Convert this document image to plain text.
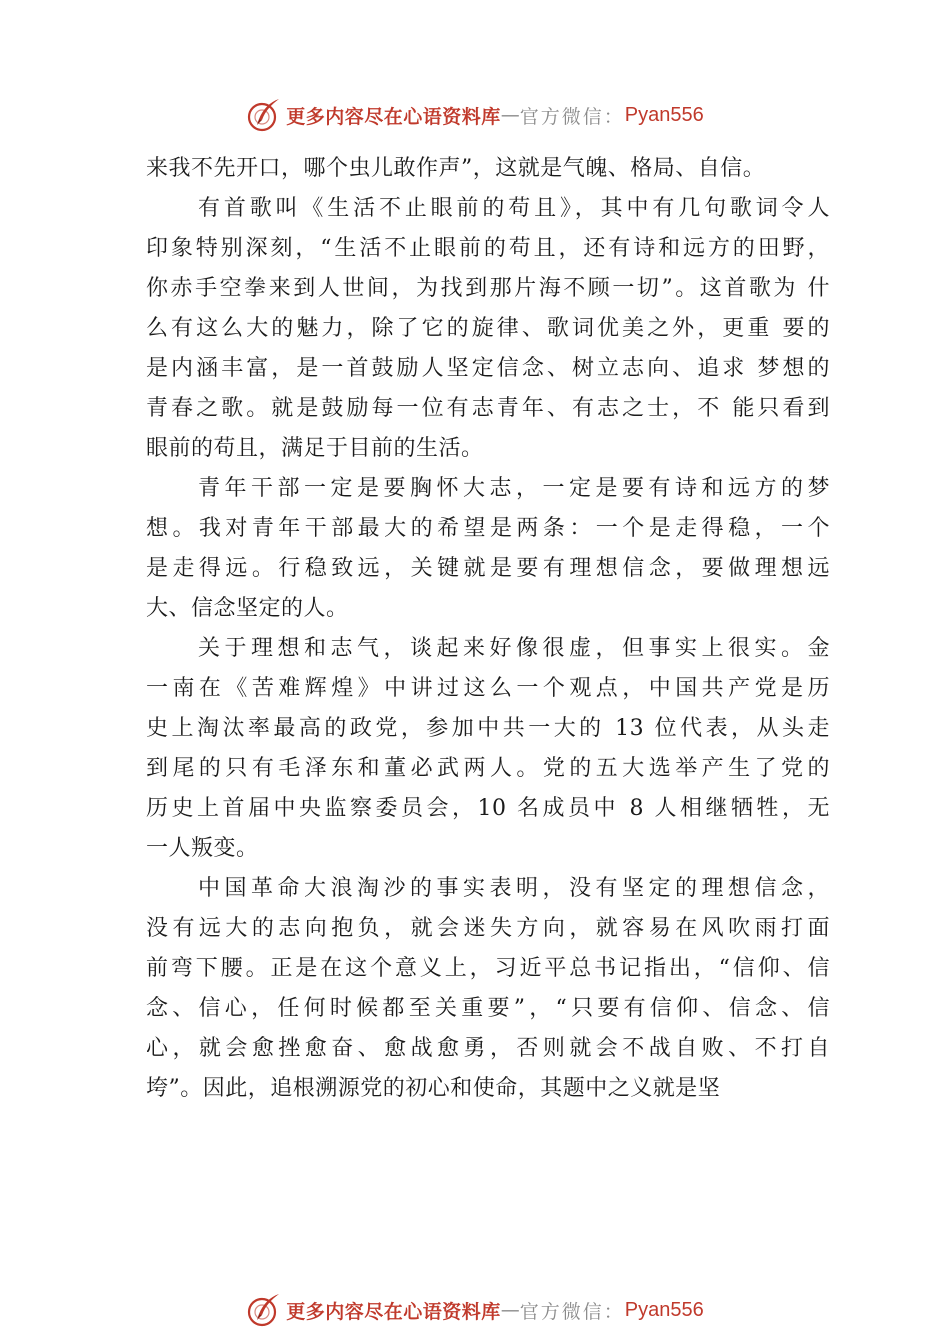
更多内容尽在心语资料库 — 官方微信： Pyan556
来我不先开口，哪个虫儿敢作声”，这就是气魄、格局、自信。
有首歌叫《生活不止眼前的苟且》，其中有几句歌词令人
印象特别深刻，“生活不止眼前的苟且，还有诗和远方的田野，
你赤手空拳来到人世间，为找到那片海不顾一切”。这首歌为 什
么有这么大的魅力，除了它的旋律、歌词优美之外，更重 要的
是内涵丰富，是一首鼓励人坚定信念、树立志向、追求 梦想的
青春之歌。就是鼓励每一位有志青年、有志之士，不 能只看到
眼前的苟且，满足于目前的生活。
青年干部一定是要胸怀大志，一定是要有诗和远方的梦
想。我对青年干部最大的希望是两条：一个是走得稳，一个
是走得远。行稳致远，关键就是要有理想信念，要做理想远
大、信念坚定的人。
关于理想和志气，谈起来好像很虚，但事实上很实。金
一南在《苦难辉煌》中讲过这么一个观点，中国共产党是历
史上淘汰率最高的政党，参加中共一大的 13 位代表，从头走
到尾的只有毛泽东和董必武两人。党的五大选举产生了党的
历史上首届中央监察委员会，10 名成员中 8 人相继牺牲，无
一人叛变。
中国革命大浪淘沙的事实表明，没有坚定的理想信念，
没有远大的志向抱负，就会迷失方向，就容易在风吹雨打面
前弯下腰。正是在这个意义上，习近平总书记指出，“信仰、信
念、信心，任何时候都至关重要”，“只要有信仰、信念、信
心，就会愈挫愈奋、愈战愈勇，否则就会不战自败、不打自
垮”。因此，追根溯源党的初心和使命，其题中之义就是坚
更多内容尽在心语资料库 — 官方微信： Pyan556
